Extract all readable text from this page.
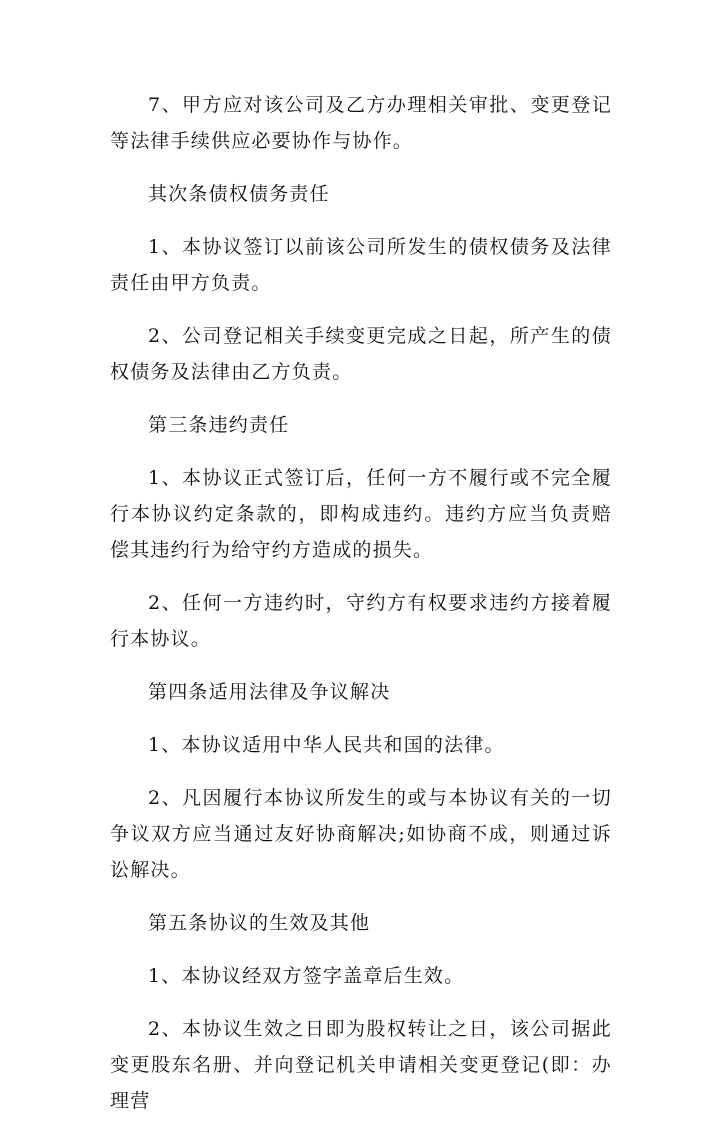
7、甲方应对该公司及乙方办理相关审批、变更登记等法律手续供应必要协作与协作。

其次条债权债务责任

1、本协议签订以前该公司所发生的债权债务及法律责任由甲方负责。

2、公司登记相关手续变更完成之日起，所产生的债权债务及法律由乙方负责。

第三条违约责任

1、本协议正式签订后，任何一方不履行或不完全履行本协议约定条款的，即构成违约。违约方应当负责赔偿其违约行为给守约方造成的损失。

2、任何一方违约时，守约方有权要求违约方接着履行本协议。

第四条适用法律及争议解决

1、本协议适用中华人民共和国的法律。

2、凡因履行本协议所发生的或与本协议有关的一切争议双方应当通过友好协商解决;如协商不成，则通过诉讼解决。

第五条协议的生效及其他

1、本协议经双方签字盖章后生效。

2、本协议生效之日即为股权转让之日，该公司据此变更股东名册、并向登记机关申请相关变更登记(即：办理营
